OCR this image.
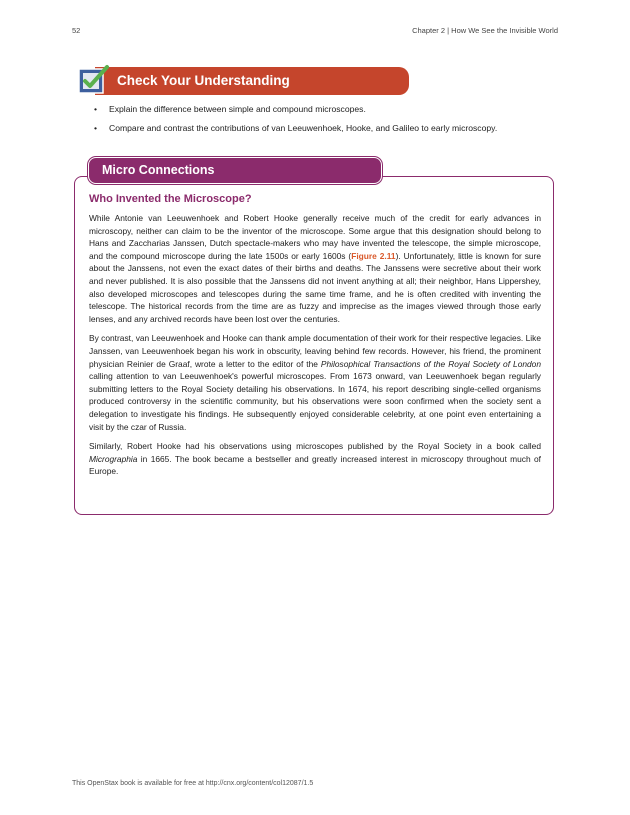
52	Chapter 2 | How We See the Invisible World
Check Your Understanding
• Explain the difference between simple and compound microscopes.
• Compare and contrast the contributions of van Leeuwenhoek, Hooke, and Galileo to early microscopy.
Micro Connections
Who Invented the Microscope?

While Antonie van Leeuwenhoek and Robert Hooke generally receive much of the credit for early advances in microscopy, neither can claim to be the inventor of the microscope. Some argue that this designation should belong to Hans and Zaccharias Janssen, Dutch spectacle-makers who may have invented the telescope, the simple microscope, and the compound microscope during the late 1500s or early 1600s (Figure 2.11). Unfortunately, little is known for sure about the Janssens, not even the exact dates of their births and deaths. The Janssens were secretive about their work and never published. It is also possible that the Janssens did not invent anything at all; their neighbor, Hans Lippershey, also developed microscopes and telescopes during the same time frame, and he is often credited with inventing the telescope. The historical records from the time are as fuzzy and imprecise as the images viewed through those early lenses, and any archived records have been lost over the centuries.

By contrast, van Leeuwenhoek and Hooke can thank ample documentation of their work for their respective legacies. Like Janssen, van Leeuwenhoek began his work in obscurity, leaving behind few records. However, his friend, the prominent physician Reinier de Graaf, wrote a letter to the editor of the Philosophical Transactions of the Royal Society of London calling attention to van Leeuwenhoek's powerful microscopes. From 1673 onward, van Leeuwenhoek began regularly submitting letters to the Royal Society detailing his observations. In 1674, his report describing single-celled organisms produced controversy in the scientific community, but his observations were soon confirmed when the society sent a delegation to investigate his findings. He subsequently enjoyed considerable celebrity, at one point even entertaining a visit by the czar of Russia.

Similarly, Robert Hooke had his observations using microscopes published by the Royal Society in a book called Micrographia in 1665. The book became a bestseller and greatly increased interest in microscopy throughout much of Europe.

This OpenStax book is available for free at http://cnx.org/content/col12087/1.5
